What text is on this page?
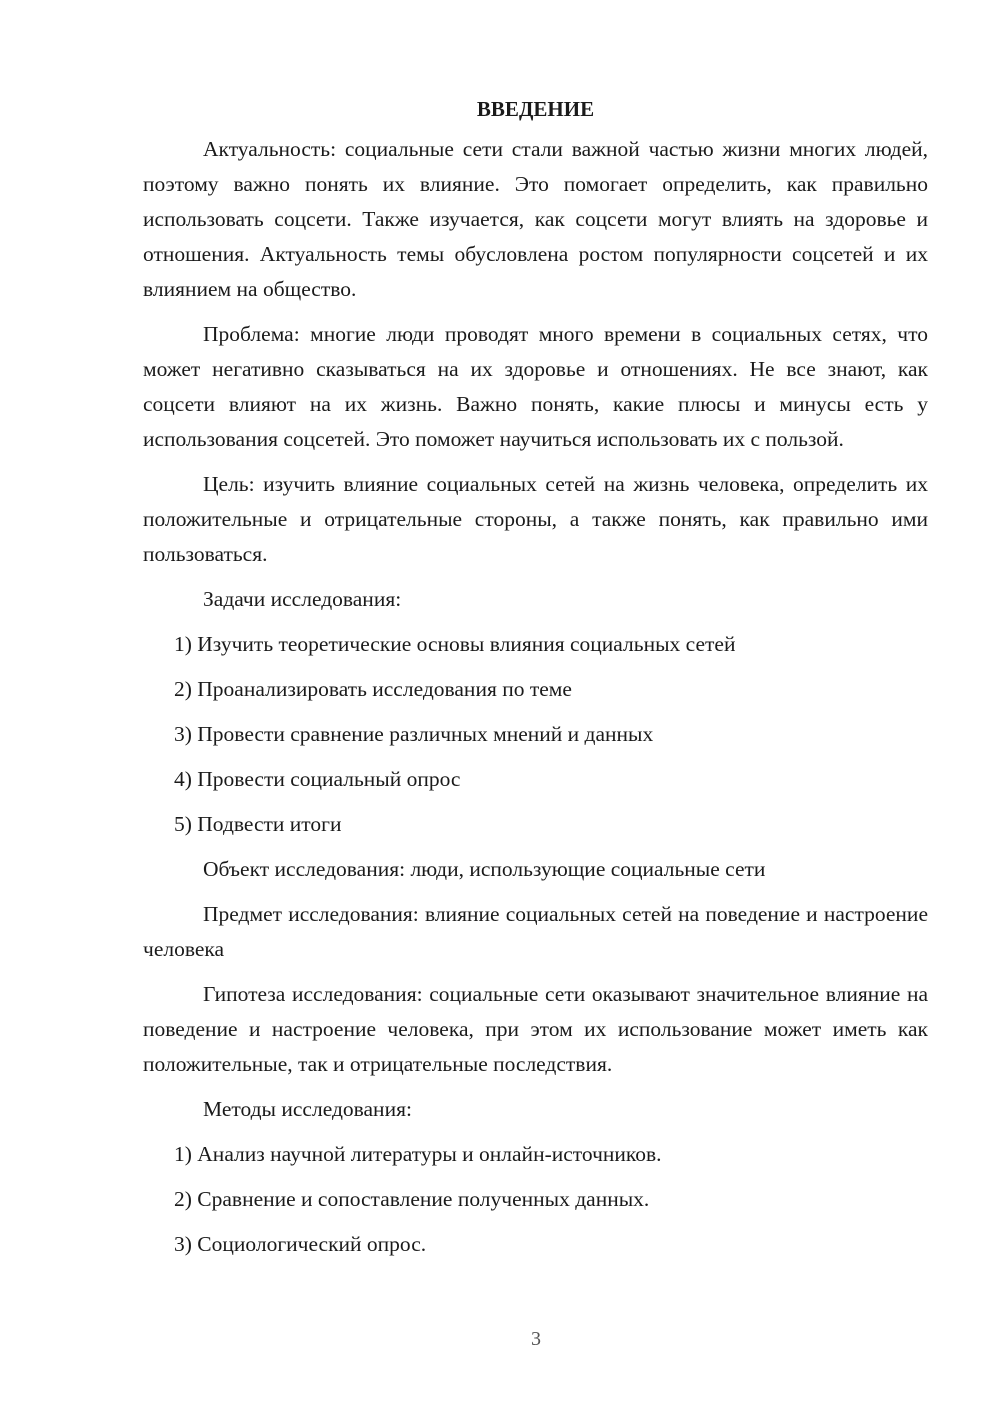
ВВЕДЕНИЕ

Актуальность: социальные сети стали важной частью жизни многих людей, поэтому важно понять их влияние. Это помогает определить, как правильно использовать соцсети. Также изучается, как соцсети могут влиять на здоровье и отношения. Актуальность темы обусловлена ростом популярности соцсетей и их влиянием на общество.

Проблема: многие люди проводят много времени в социальных сетях, что может негативно сказываться на их здоровье и отношениях. Не все знают, как соцсети влияют на их жизнь. Важно понять, какие плюсы и минусы есть у использования соцсетей. Это поможет научиться использовать их с пользой.

Цель: изучить влияние социальных сетей на жизнь человека, определить их положительные и отрицательные стороны, а также понять, как правильно ими пользоваться.

Задачи исследования:

1) Изучить теоретические основы влияния социальных сетей
2) Проанализировать исследования по теме
3) Провести сравнение различных мнений и данных
4) Провести социальный опрос
5) Подвести итоги

Объект исследования: люди, использующие социальные сети

Предмет исследования: влияние социальных сетей на поведение и настроение человека

Гипотеза исследования: социальные сети оказывают значительное влияние на поведение и настроение человека, при этом их использование может иметь как положительные, так и отрицательные последствия.

Методы исследования:

1) Анализ научной литературы и онлайн-источников.
2) Сравнение и сопоставление полученных данных.
3) Социологический опрос.
3
